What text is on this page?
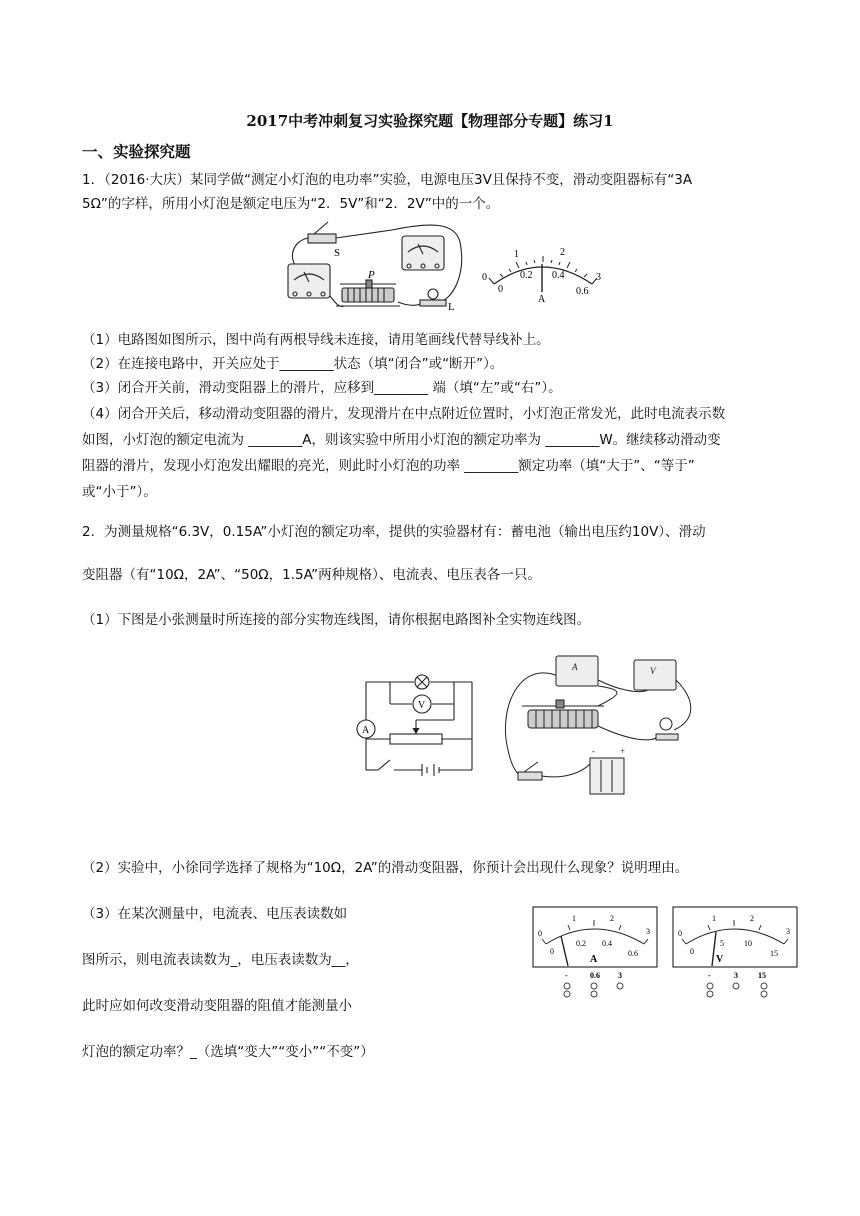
2017中考冲刺复习实验探究题【物理部分专题】练习1
一、实验探究题
1．（2016·大庆）某同学做“测定小灯泡的电功率”实验，电源电压3V且保持不变，滑动变阻器标有“3A
5Ω”的字样，所用小灯泡是额定电压为“2．5V”和“2．2V”中的一个。
S
P
L
0
1	2
3
0
0.2 0.4
0.6
A
（1）电路图如图所示，图中尚有两根导线未连接，请用笔画线代替导线补上。
（2）在连接电路中，开关应处于________状态（填“闭合”或“断开”）。
（3）闭合开关前，滑动变阻器上的滑片，应移到________ 端（填“左”或“右”）。
（4）闭合开关后，移动滑动变阻器的滑片，发现滑片在中点附近位置时，小灯泡正常发光，此时电流表示数
如图，小灯泡的额定电流为 ________A，则该实验中所用小灯泡的额定功率为 ________W。继续移动滑动变
阻器的滑片，发现小灯泡发出耀眼的亮光，则此时小灯泡的功率 ________额定功率（填“大于”、“等于”
或“小于”）。
2．为测量规格“6.3Ⅴ，0.15A”小灯泡的额定功率，提供的实验器材有：蓄电池（输出电压约10V）、滑动
变阻器（有“10Ω，2A”、“50Ω，1.5A”两种规格）、电流表、电压表各一只。
（1）下图是小张测量时所连接的部分实物连线图，请你根据电路图补全实物连线图。
V
A
A	V
-	+
（2）实验中，小徐同学选择了规格为“10Ω，2A”的滑动变阻器，你预计会出现什么现象？说明理由。
（3）在某次测量中，电流表、电压表读数如
图所示，则电流表读数为_，电压表读数为__，
此时应如何改变滑动变阻器的阻值才能测量小
灯泡的额定功率？_（选填“变大”“变小”“不变”）
0
1	2
3
0
0.2 0.4
0.6
A
-	0.6 3
0
1	2
3
0
5	10
15
V
-	3	15
